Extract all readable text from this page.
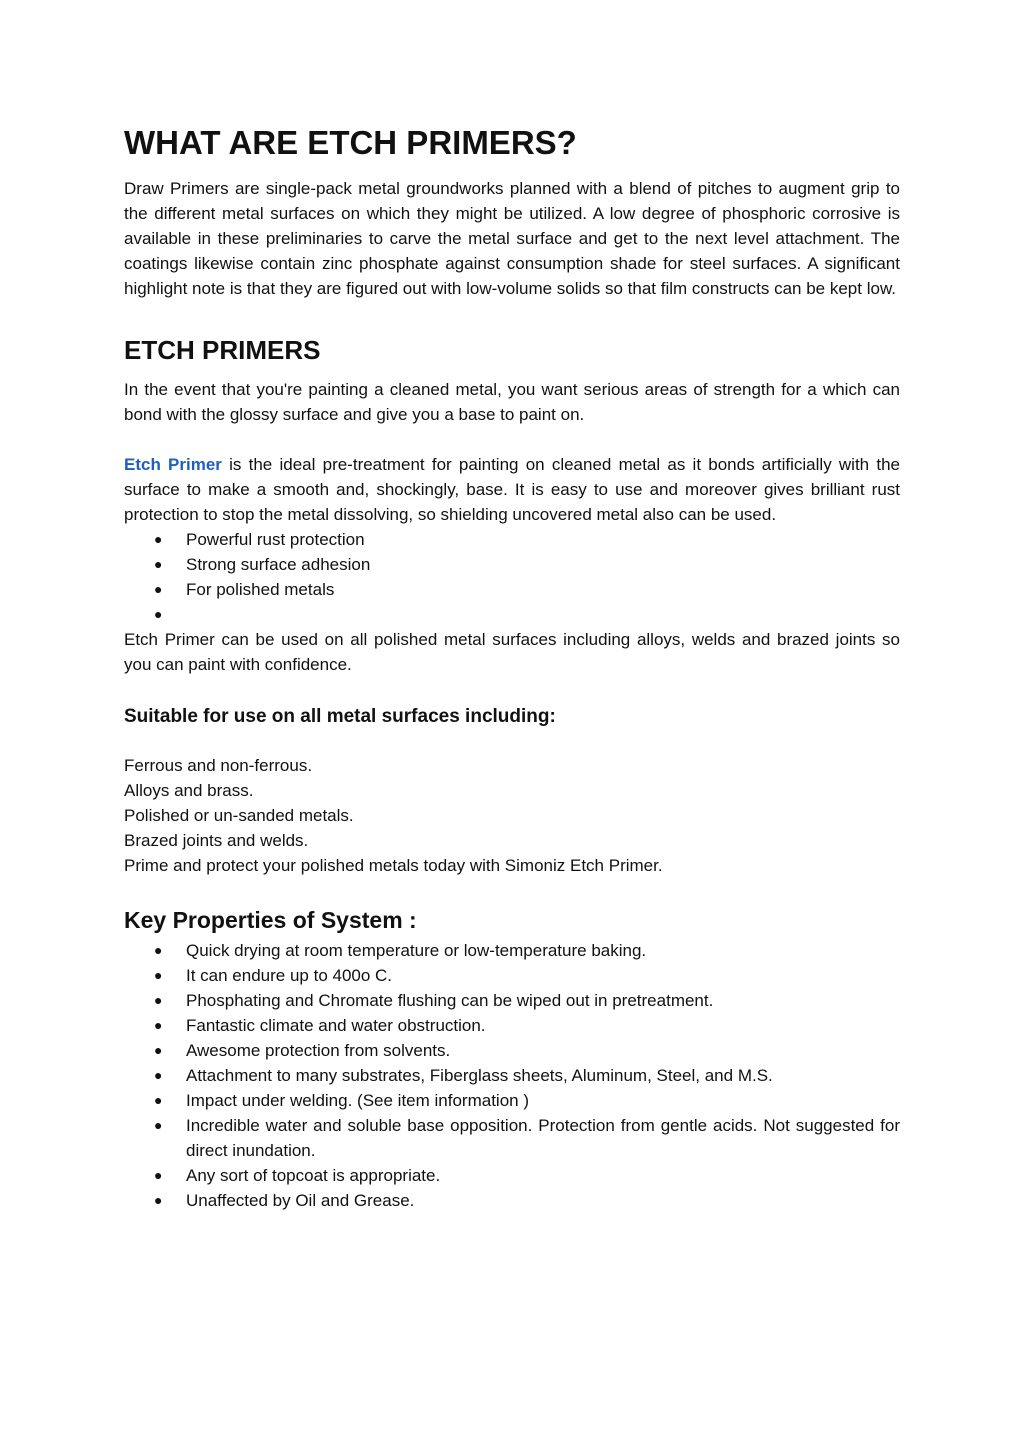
WHAT ARE ETCH PRIMERS?

Draw Primers are single-pack metal groundworks planned with a blend of pitches to augment grip to the different metal surfaces on which they might be utilized. A low degree of phosphoric corrosive is available in these preliminaries to carve the metal surface and get to the next level attachment. The coatings likewise contain zinc phosphate against consumption shade for steel surfaces. A significant highlight note is that they are figured out with low-volume solids so that film constructs can be kept low.

ETCH PRIMERS

In the event that you're painting a cleaned metal, you want serious areas of strength for a which can bond with the glossy surface and give you a base to paint on.

Etch Primer is the ideal pre-treatment for painting on cleaned metal as it bonds artificially with the surface to make a smooth and, shockingly, base. It is easy to use and moreover gives brilliant rust protection to stop the metal dissolving, so shielding uncovered metal also can be used.

● Powerful rust protection
● Strong surface adhesion
● For polished metals
●

Etch Primer can be used on all polished metal surfaces including alloys, welds and brazed joints so you can paint with confidence.

Suitable for use on all metal surfaces including:

Ferrous and non-ferrous.

Alloys and brass.

Polished or un-sanded metals.

Brazed joints and welds.

Prime and protect your polished metals today with Simoniz Etch Primer.

Key Properties of System :
● Quick drying at room temperature or low-temperature baking.
● It can endure up to 400o C.
● Phosphating and Chromate flushing can be wiped out in pretreatment.
● Fantastic climate and water obstruction.
● Awesome protection from solvents.
● Attachment to many substrates, Fiberglass sheets, Aluminum, Steel, and M.S.
● Impact under welding. (See item information )
● Incredible water and soluble base opposition. Protection from gentle acids. Not suggested for direct inundation.
● Any sort of topcoat is appropriate.
● Unaffected by Oil and Grease.
